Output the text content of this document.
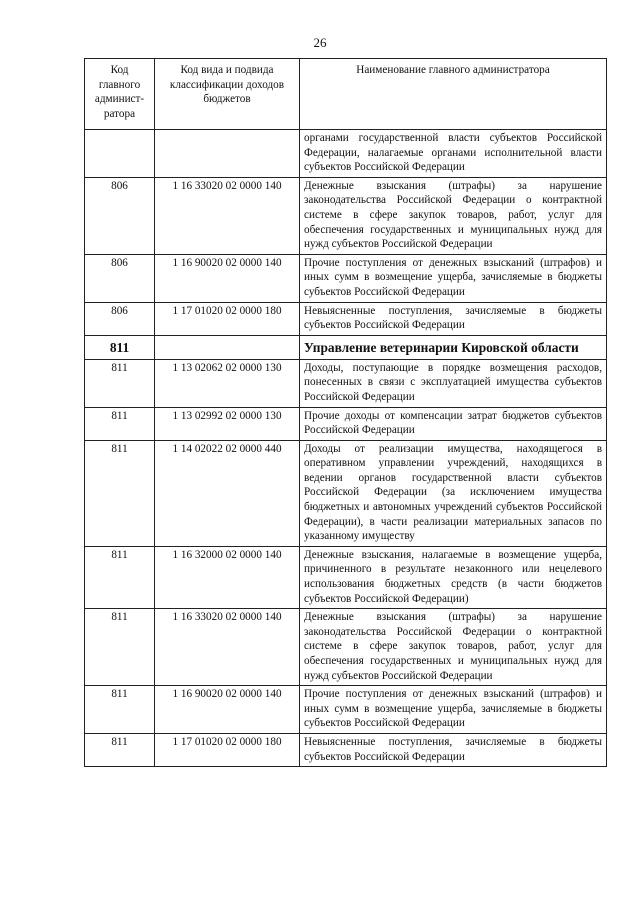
26
Код главного админист-ратора	Код вида и подвида классификации доходов бюджетов	Наименование главного администратора
		органами государственной власти субъектов Российской Федерации, налагаемые органами исполнительной власти субъектов Российской Федерации
806	1 16 33020 02 0000 140	Денежные взыскания (штрафы) за нарушение законодательства Российской Федерации о контрактной системе в сфере закупок товаров, работ, услуг для обеспечения государственных и муниципальных нужд для нужд субъектов Российской Федерации
806	1 16 90020 02 0000 140	Прочие поступления от денежных взысканий (штрафов) и иных сумм в возмещение ущерба, зачисляемые в бюджеты субъектов Российской Федерации
806	1 17 01020 02 0000 180	Невыясненные поступления, зачисляемые в бюджеты субъектов Российской Федерации
811		Управление ветеринарии Кировской области
811	1 13 02062 02 0000 130	Доходы, поступающие в порядке возмещения расходов, понесенных в связи с эксплуатацией имущества субъектов Российской Федерации
811	1 13 02992 02 0000 130	Прочие доходы от компенсации затрат бюджетов субъектов Российской Федерации
811	1 14 02022 02 0000 440	Доходы от реализации имущества, находящегося в оперативном управлении учреждений, находящихся в ведении органов государственной власти субъектов Российской Федерации (за исключением имущества бюджетных и автономных учреждений субъектов Российской Федерации), в части реализации материальных запасов по указанному имуществу
811	1 16 32000 02 0000 140	Денежные взыскания, налагаемые в возмещение ущерба, причиненного в результате незаконного или нецелевого использования бюджетных средств (в части бюджетов субъектов Российской Федерации)
811	1 16 33020 02 0000 140	Денежные взыскания (штрафы) за нарушение законодательства Российской Федерации о контрактной системе в сфере закупок товаров, работ, услуг для обеспечения государственных и муниципальных нужд для нужд субъектов Российской Федерации
811	1 16 90020 02 0000 140	Прочие поступления от денежных взысканий (штрафов) и иных сумм в возмещение ущерба, зачисляемые в бюджеты субъектов Российской Федерации
811	1 17 01020 02 0000 180	Невыясненные поступления, зачисляемые в бюджеты субъектов Российской Федерации
